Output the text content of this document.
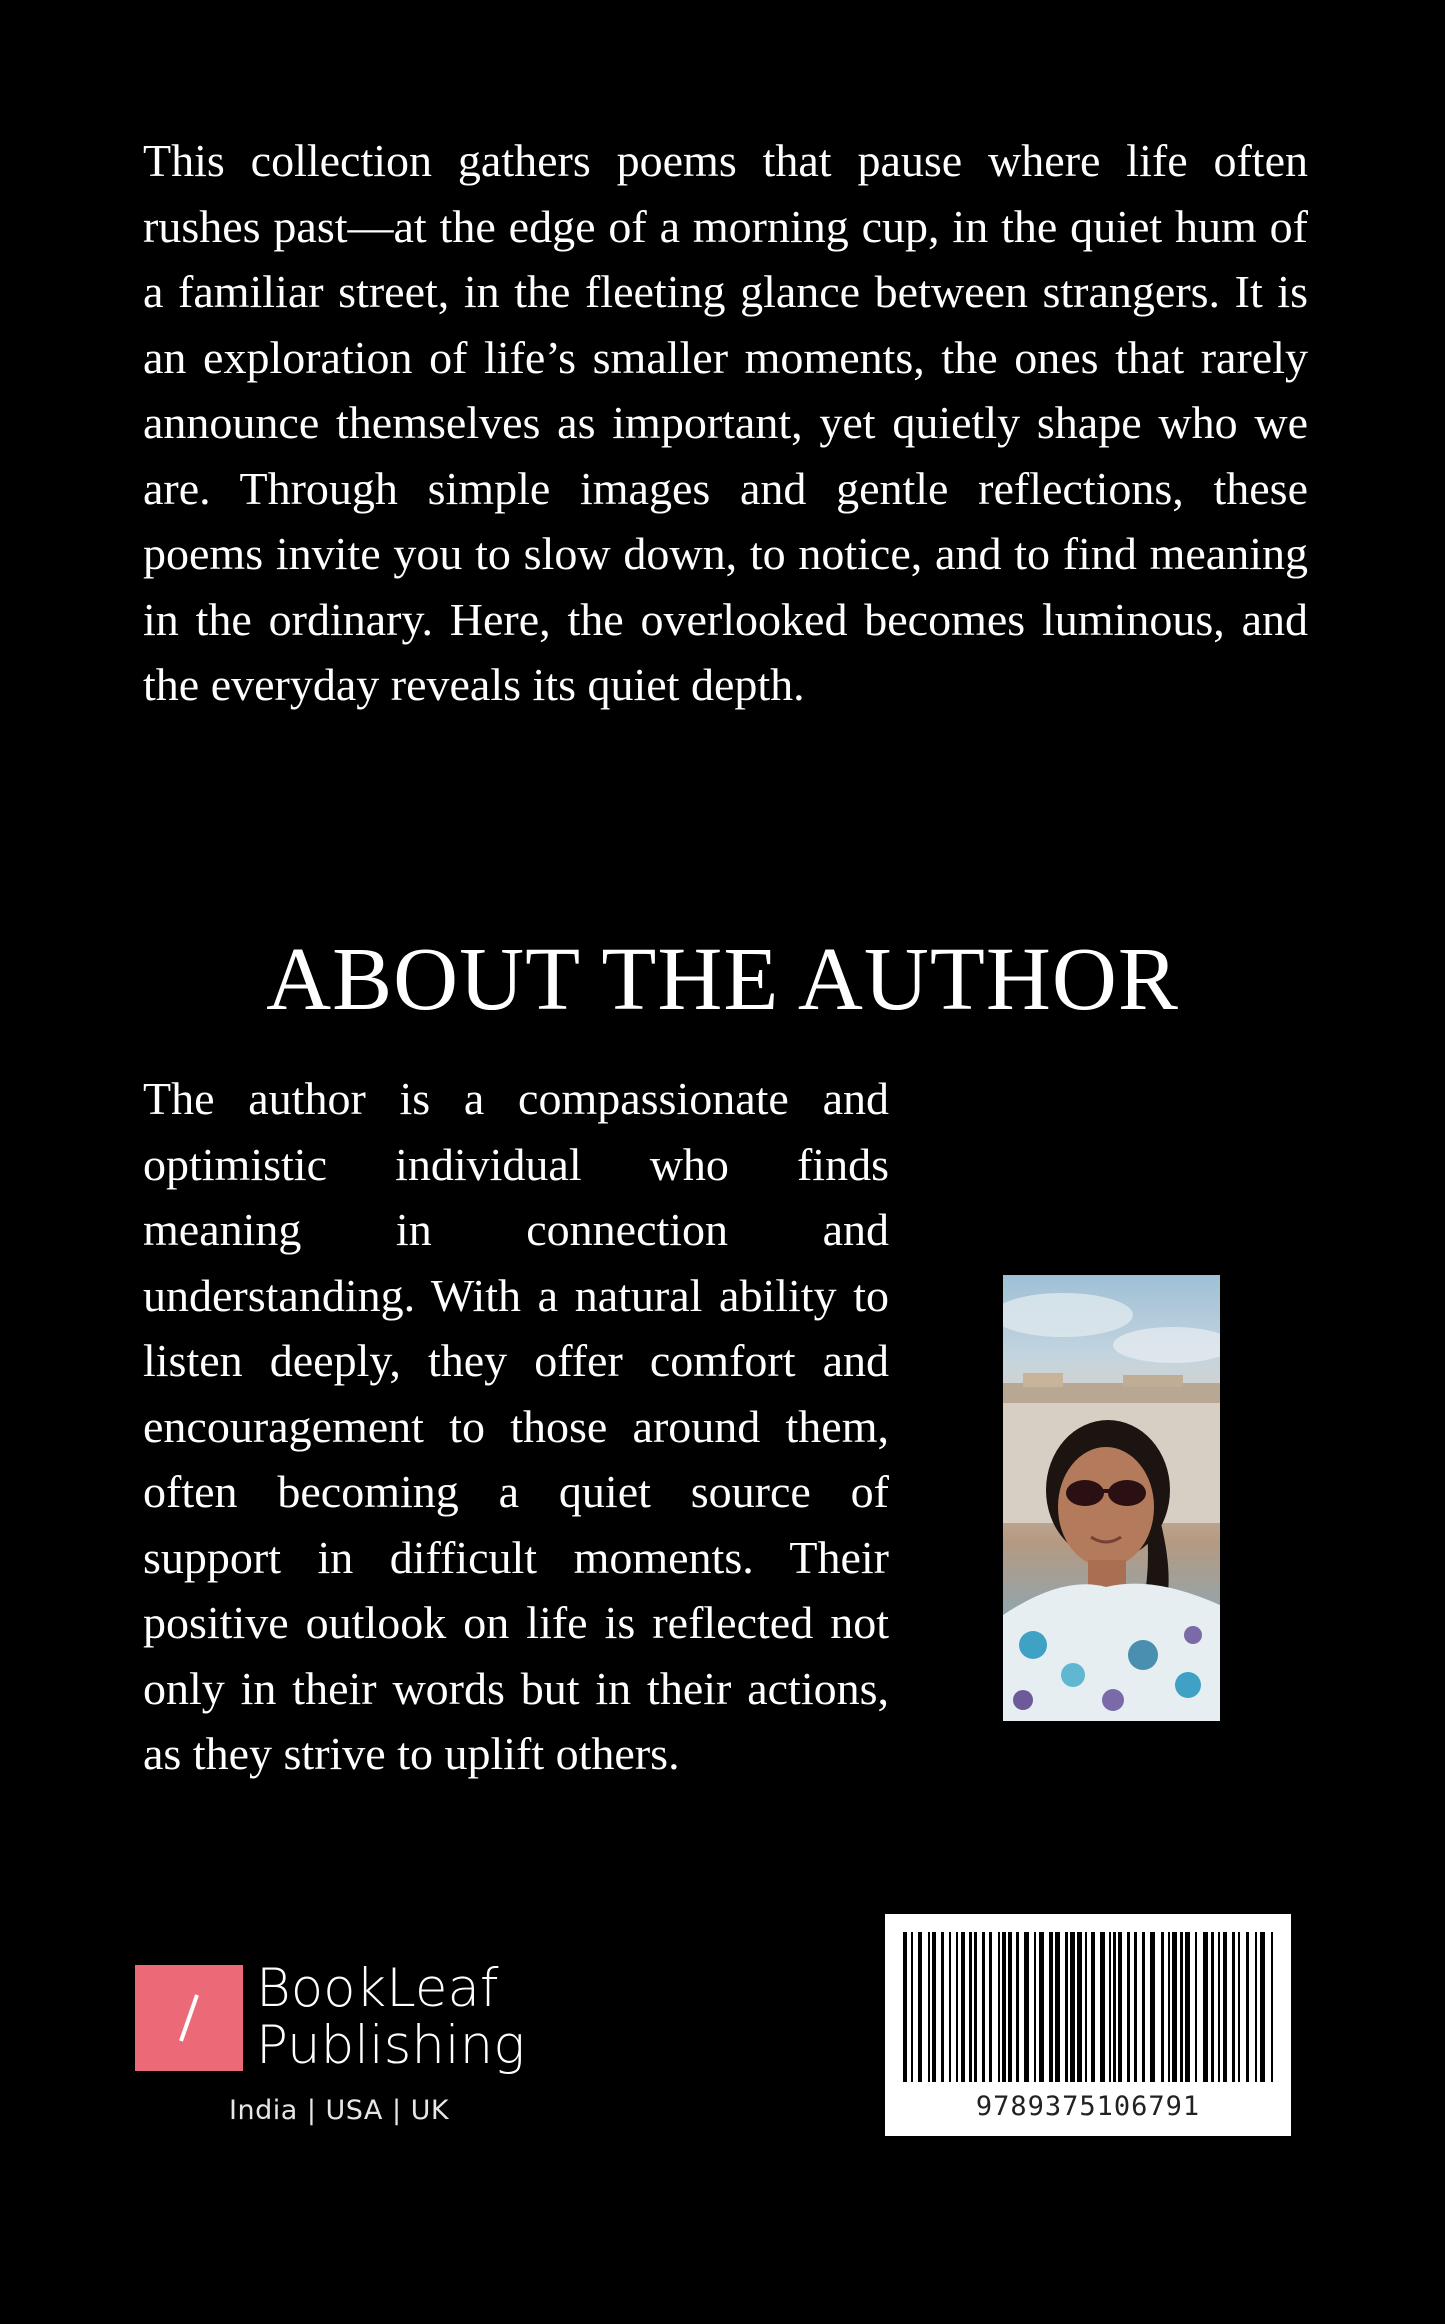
This collection gathers poems that pause where life often rushes past—at the edge of a morning cup, in the quiet hum of a familiar street, in the fleeting glance between strangers. It is an exploration of life’s smaller moments, the ones that rarely announce themselves as important, yet quietly shape who we are. Through simple images and gentle reflections, these poems invite you to slow down, to notice, and to find meaning in the ordinary. Here, the overlooked becomes luminous, and the everyday reveals its quiet depth.

ABOUT THE AUTHOR

The author is a compassionate and optimistic individual who finds meaning in connection and understanding. With a natural ability to listen deeply, they offer comfort and encouragement to those around them, often becoming a quiet source of support in difficult moments. Their positive outlook on life is reflected not only in their words but in their actions, as they strive to uplift others.

BookLeaf
Publishing
India | USA | UK	9789375106791
